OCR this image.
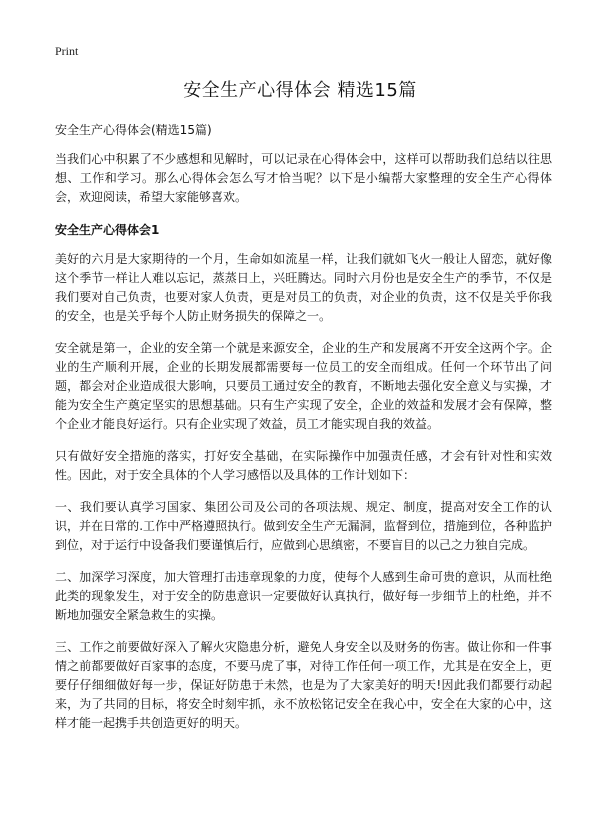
Print
安全生产心得体会 精选15篇

安全生产心得体会(精选15篇)

当我们心中积累了不少感想和见解时，可以记录在心得体会中，这样可以帮助我们总结以往思想、工作和学习。那么心得体会怎么写才恰当呢？以下是小编帮大家整理的安全生产心得体会，欢迎阅读，希望大家能够喜欢。

安全生产心得体会1

美好的六月是大家期待的一个月，生命如如流星一样，让我们就如飞火一般让人留恋，就好像这个季节一样让人难以忘记，蒸蒸日上，兴旺腾达。同时六月份也是安全生产的季节，不仅是我们要对自己负责，也要对家人负责，更是对员工的负责，对企业的负责，这不仅是关乎你我的安全，也是关乎每个人防止财务损失的保障之一。

安全就是第一，企业的安全第一个就是来源安全，企业的生产和发展离不开安全这两个字。企业的生产顺利开展，企业的长期发展都需要每一位员工的安全而组成。任何一个环节出了问题，都会对企业造成很大影响，只要员工通过安全的教育，不断地去强化安全意义与实操，才能为安全生产奠定坚实的思想基础。只有生产实现了安全，企业的效益和发展才会有保障，整个企业才能良好运行。只有企业实现了效益，员工才能实现自我的效益。

只有做好安全措施的落实，打好安全基础，在实际操作中加强责任感，才会有针对性和实效性。因此，对于安全具体的个人学习感悟以及具体的工作计划如下：

一、我们要认真学习国家、集团公司及公司的各项法规、规定、制度，提高对安全工作的认识，并在日常的.工作中严格遵照执行。做到安全生产无漏洞，监督到位，措施到位，各种监护到位，对于运行中设备我们要谨慎后行，应做到心思缜密，不要盲目的以己之力独自完成。

二、加深学习深度，加大管理打击违章现象的力度，使每个人感到生命可贵的意识，从而杜绝此类的现象发生，对于安全的防患意识一定要做好认真执行，做好每一步细节上的杜绝，并不断地加强安全紧急救生的实操。

三、工作之前要做好深入了解火灾隐患分析，避免人身安全以及财务的伤害。做让你和一件事情之前都要做好百家事的态度，不要马虎了事，对待工作任何一项工作，尤其是在安全上，更要仔仔细细做好每一步，保证好防患于未然，也是为了大家美好的明天!因此我们都要行动起来，为了共同的目标，将安全时刻牢抓，永不放松铭记安全在我心中，安全在大家的心中，这样才能一起携手共创造更好的明天。
